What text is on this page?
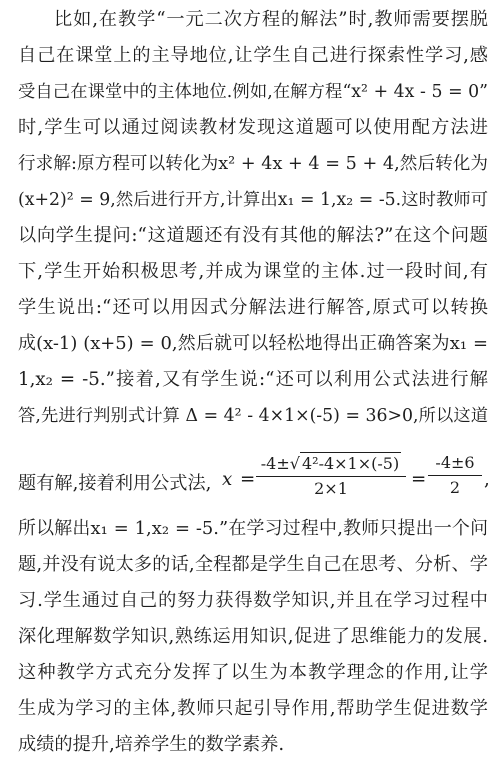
比如,在教学“一元二次方程的解法”时,教师需要摆脱
自己在课堂上的主导地位,让学生自己进行探索性学习,感
受自己在课堂中的主体地位.例如,在解方程“x² + 4x - 5 = 0”
时,学生可以通过阅读教材发现这道题可以使用配方法进
行求解:原方程可以转化为x² + 4x + 4 = 5 + 4,然后转化为
(x+2)² = 9,然后进行开方,计算出x₁ = 1,x₂ = -5.这时教师可
以向学生提问:“这道题还有没有其他的解法?”在这个问题
下,学生开始积极思考,并成为课堂的主体.过一段时间,有
学生说出:“还可以用因式分解法进行解答,原式可以转换
成(x-1) (x+5) = 0,然后就可以轻松地得出正确答案为x₁ =
1,x₂ = -5.”接着,又有学生说:“还可以利用公式法进行解
答,先进行判别式计算 Δ = 4² - 4×1×(-5) = 36>0,所以这道
题有解,接着利用公式法, x =
-4±√ 4²-4×1×(-5)
2×1	=
-4±6
2	,
所以解出x₁ = 1,x₂ = -5.”在学习过程中,教师只提出一个问
题,并没有说太多的话,全程都是学生自己在思考、分析、学
习.学生通过自己的努力获得数学知识,并且在学习过程中
深化理解数学知识,熟练运用知识,促进了思维能力的发展.
这种教学方式充分发挥了以生为本教学理念的作用,让学
生成为学习的主体,教师只起引导作用,帮助学生促进数学
成绩的提升,培养学生的数学素养.
